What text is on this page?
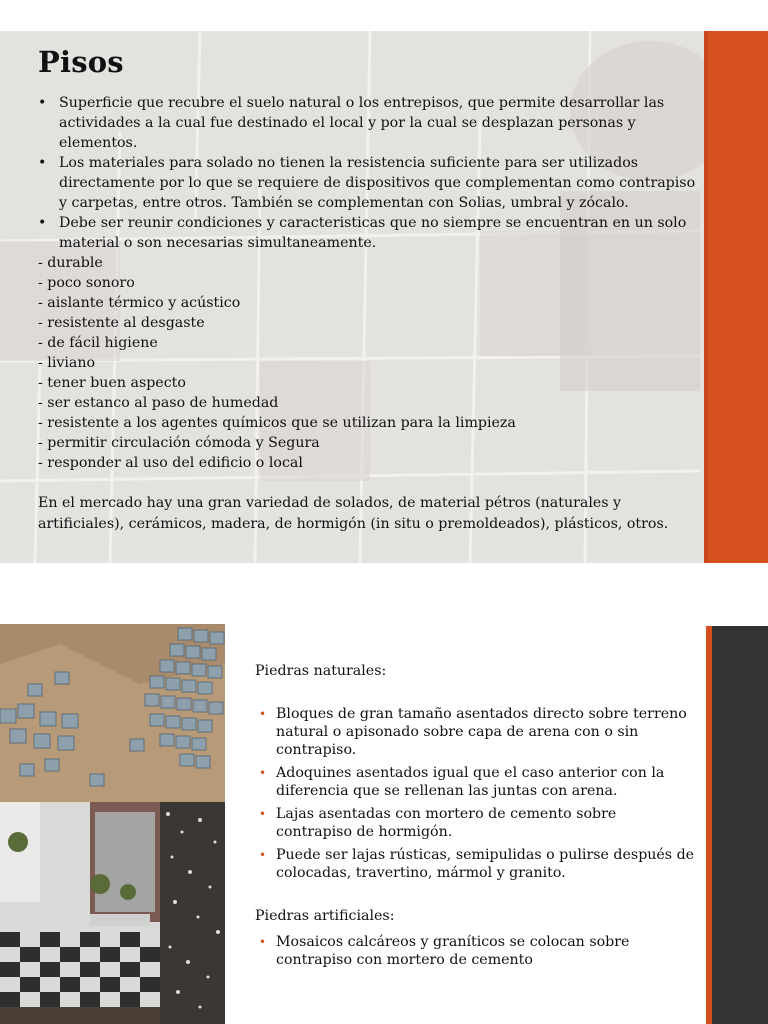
Pisos
• Superficie que recubre el suelo natural o los entrepisos, que permite desarrollar las actividades a la cual fue destinado el local y por la cual se desplazan personas y elementos.
• Los materiales para solado no tienen la resistencia suficiente para ser utilizados directamente por lo que se requiere de dispositivos que complementan como contrapiso y carpetas, entre otros. También se complementan con Solias, umbral y zócalo.
• Debe ser reunir condiciones y caracteristicas que no siempre se encuentran en un solo material o son necesarias simultaneamente.
- durable
- poco sonoro
- aislante térmico y acústico
- resistente al desgaste
- de fácil higiene
- liviano
- tener buen aspecto
- ser estanco al paso de humedad
- resistente a los agentes químicos que se utilizan para la limpieza
- permitir circulación cómoda y Segura
- responder al uso del edificio o local

En el mercado hay una gran variedad de solados, de material pétros (naturales y artificiales), cerámicos, madera, de hormigón (in situ o premoldeados), plásticos, otros.

Piedras naturales:

• Bloques de gran tamaño asentados directo sobre terreno natural o apisonado sobre capa de arena con o sin contrapiso.
• Adoquines asentados igual que el caso anterior con la diferencia que se rellenan las juntas con arena.
• Lajas asentadas con mortero de cemento sobre contrapiso de hormigón.
• Puede ser lajas rústicas, semipulidas o pulirse después de colocadas, travertino, mármol y granito.

Piedras artificiales:

• Mosaicos calcáreos y graníticos se colocan sobre contrapiso con mortero de cemento
